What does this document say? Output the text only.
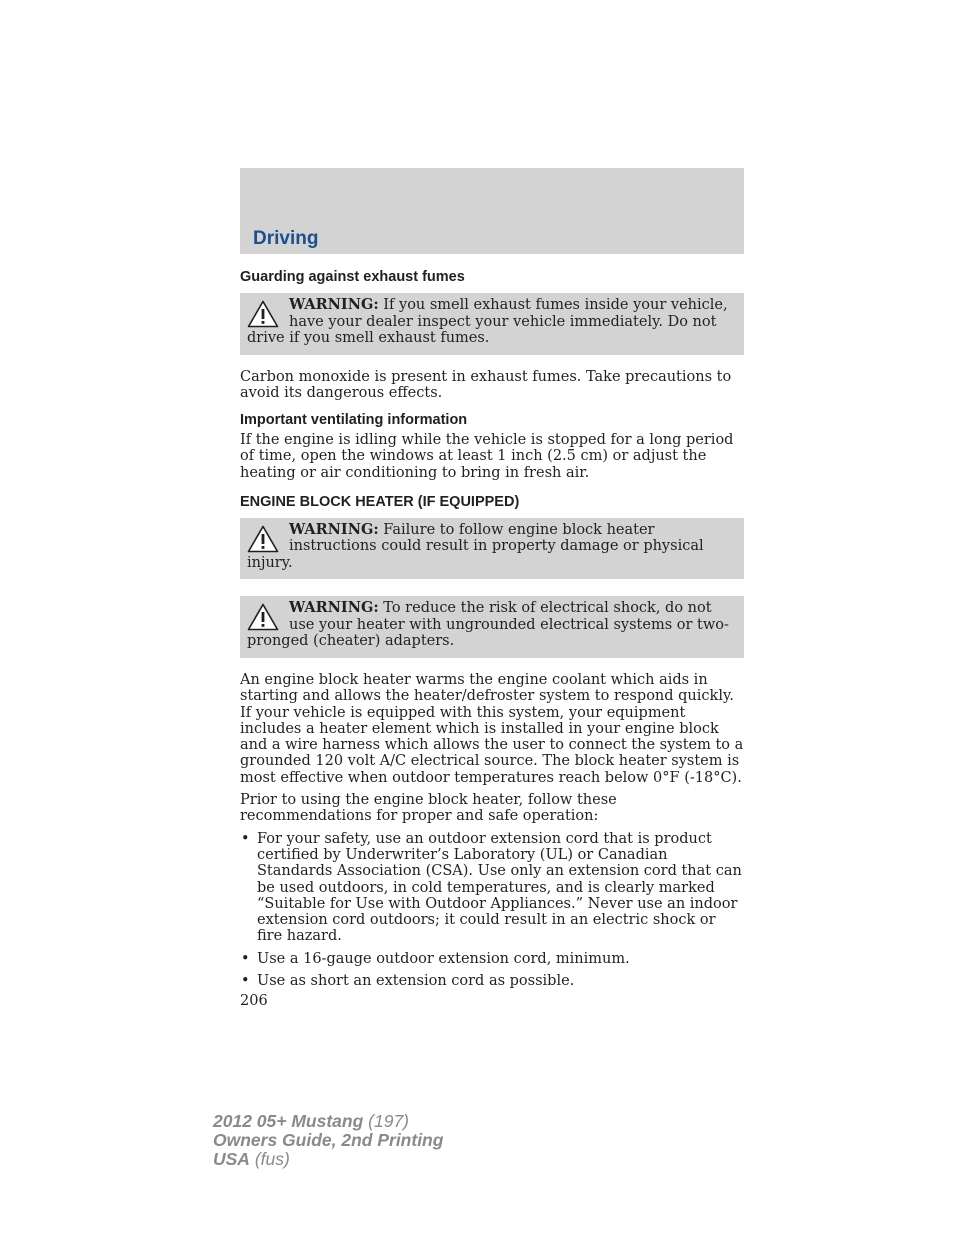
Driving
Guarding against exhaust fumes
WARNING: If you smell exhaust fumes inside your vehicle, have your dealer inspect your vehicle immediately. Do not drive if you smell exhaust fumes.

Carbon monoxide is present in exhaust fumes. Take precautions to avoid its dangerous effects.

Important ventilating information

If the engine is idling while the vehicle is stopped for a long period of time, open the windows at least 1 inch (2.5 cm) or adjust the heating or air conditioning to bring in fresh air.

ENGINE BLOCK HEATER (IF EQUIPPED)
WARNING: Failure to follow engine block heater instructions could result in property damage or physical injury.
WARNING: To reduce the risk of electrical shock, do not use your heater with ungrounded electrical systems or two-pronged (cheater) adapters.

An engine block heater warms the engine coolant which aids in starting and allows the heater/defroster system to respond quickly. If your vehicle is equipped with this system, your equipment includes a heater element which is installed in your engine block and a wire harness which allows the user to connect the system to a grounded 120 volt A/C electrical source. The block heater system is most effective when outdoor temperatures reach below 0°F (-18°C).

Prior to using the engine block heater, follow these recommendations for proper and safe operation:

• For your safety, use an outdoor extension cord that is product certified by Underwriter’s Laboratory (UL) or Canadian Standards Association (CSA). Use only an extension cord that can be used outdoors, in cold temperatures, and is clearly marked “Suitable for Use with Outdoor Appliances.” Never use an indoor extension cord outdoors; it could result in an electric shock or fire hazard.
• Use a 16-gauge outdoor extension cord, minimum.
• Use as short an extension cord as possible.
206
2012 05+ Mustang (197)
Owners Guide, 2nd Printing
USA (fus)
